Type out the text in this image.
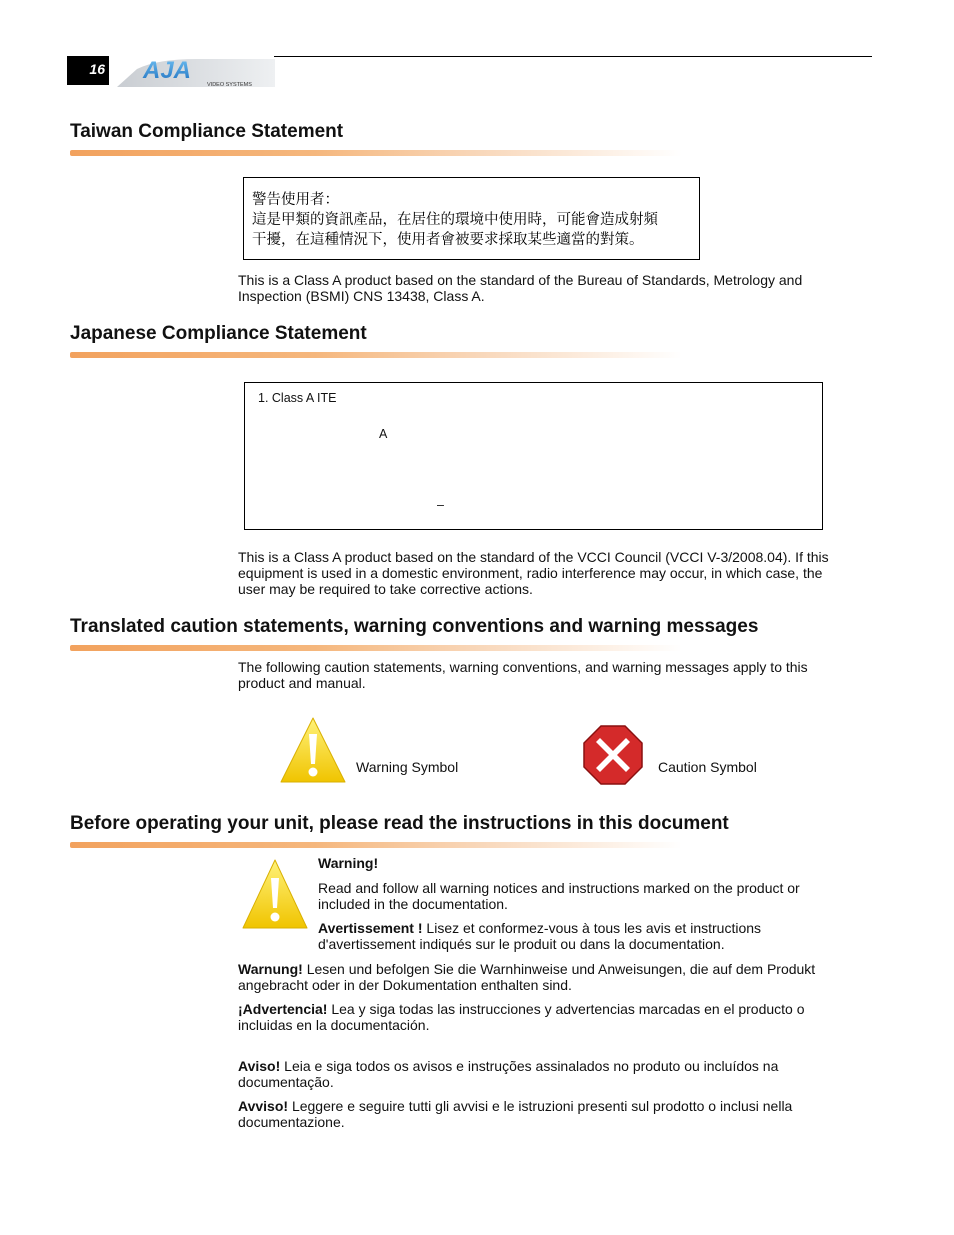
16 AJA
VIDEO SYSTEMS
Taiwan Compliance Statement
警告使用者：
這是甲類的資訊產品，在居住的環境中使用時，可能會造成射頻
干擾，在這種情況下，使用者會被要求採取某些適當的對策。
This is a Class A product based on the standard of the Bureau of Standards, Metrology and Inspection (BSMI) CNS 13438, Class A.
Japanese Compliance Statement
1. Class A ITE
A
–
This is a Class A product based on the standard of the VCCI Council (VCCI V-3/2008.04). If this equipment is used in a domestic environment, radio interference may occur, in which case, the user may be required to take corrective actions.
Translated caution statements, warning conventions and warning messages
The following caution statements, warning conventions, and warning messages apply to this product and manual.
Warning Symbol	Caution Symbol
Before operating your unit, please read the instructions in this document
Warning!
Read and follow all warning notices and instructions marked on the product or included in the documentation.
Avertissement ! Lisez et conformez-vous à tous les avis et instructions d'avertissement indiqués sur le produit ou dans la documentation.
Warnung! Lesen und befolgen Sie die Warnhinweise und Anweisungen, die auf dem Produkt angebracht oder in der Dokumentation enthalten sind.
¡Advertencia! Lea y siga todas las instrucciones y advertencias marcadas en el producto o incluidas en la documentación.
Aviso! Leia e siga todos os avisos e instruções assinalados no produto ou incluídos na documentação.
Avviso! Leggere e seguire tutti gli avvisi e le istruzioni presenti sul prodotto o inclusi nella documentazione.
